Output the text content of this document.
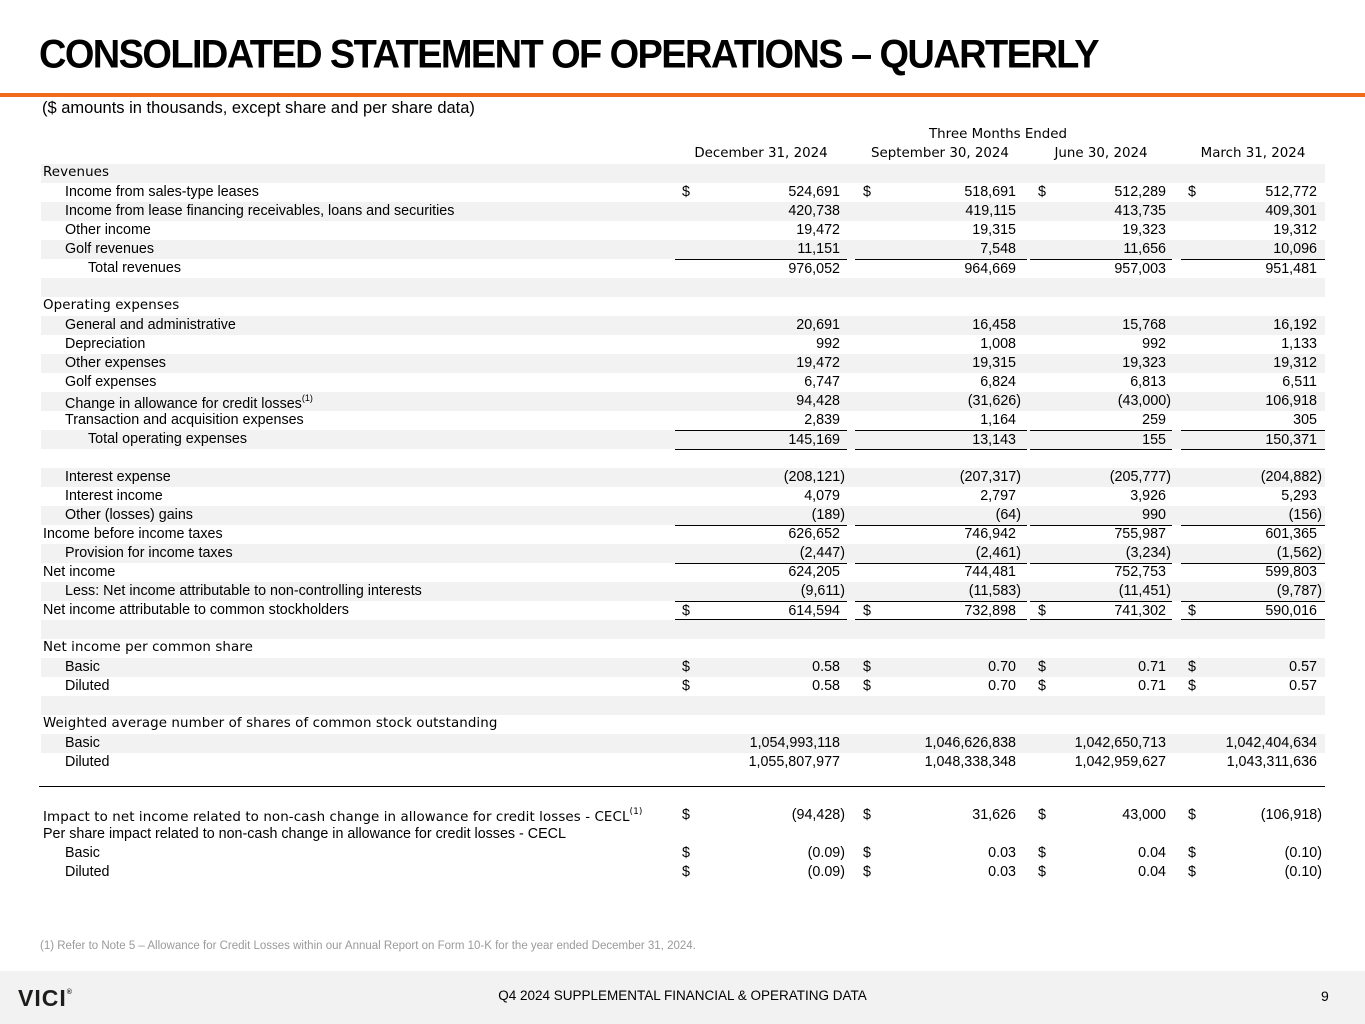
CONSOLIDATED STATEMENT OF OPERATIONS – QUARTERLY
($ amounts in thousands, except share and per share data)
Three Months Ended
December 31, 2024	September 30, 2024	June 30, 2024	March 31, 2024
Revenues
Income from sales-type leases	$	524,691 $	518,691 $	512,289 $	512,772
Income from lease financing receivables, loans and securities	420,738	419,115	413,735	409,301
Other income	19,472	19,315	19,323	19,312
Golf revenues	11,151	7,548	11,656	10,096
Total revenues	976,052	964,669	957,003	951,481
Operating expenses
General and administrative	20,691	16,458	15,768	16,192
Depreciation	992	1,008	992	1,133
Other expenses	19,472	19,315	19,323	19,312
Golf expenses	6,747	6,824	6,813	6,511
Change in allowance for credit losses$^{(1)}$	94,428	(31,626)	(43,000)	106,918
Transaction and acquisition expenses	2,839	1,164	259	305
Total operating expenses	145,169	13,143	155	150,371
Interest expense	(208,121)	(207,317)	(205,777)	(204,882)
Interest income	4,079	2,797	3,926	5,293
Other (losses) gains	(189)	(64)	990	(156)
Income before income taxes	626,652	746,942	755,987	601,365
Provision for income taxes	(2,447)	(2,461)	(3,234)	(1,562)
Net income	624,205	744,481	752,753	599,803
Less: Net income attributable to non-controlling interests	(9,611)	(11,583)	(11,451)	(9,787)
Net income attributable to common stockholders	$	614,594 $	732,898 $	741,302 $	590,016
Net income per common share
Basic	$	0.58 $	0.70 $	0.71 $	0.57
Diluted	$	0.58 $	0.70 $	0.71 $	0.57
Weighted average number of shares of common stock outstanding
Basic	1,054,993,118	1,046,626,838	1,042,650,713	1,042,404,634
Diluted	1,055,807,977	1,048,338,348	1,042,959,627	1,043,311,636
Impact to net income related to non-cash change in allowance for credit losses - CECL$^{(1)}$	$	(94,428) $	31,626 $	43,000 $	(106,918)
Per share impact related to non-cash change in allowance for credit losses - CECL
Basic	$	(0.09) $	0.03 $	0.04 $	(0.10)
Diluted	$	(0.09) $	0.03 $	0.04 $	(0.10)
(1) Refer to Note 5 – Allowance for Credit Losses within our Annual Report on Form 10-K for the year ended December 31, 2024.
VICI®	Q4 2024 SUPPLEMENTAL FINANCIAL & OPERATING DATA	9
